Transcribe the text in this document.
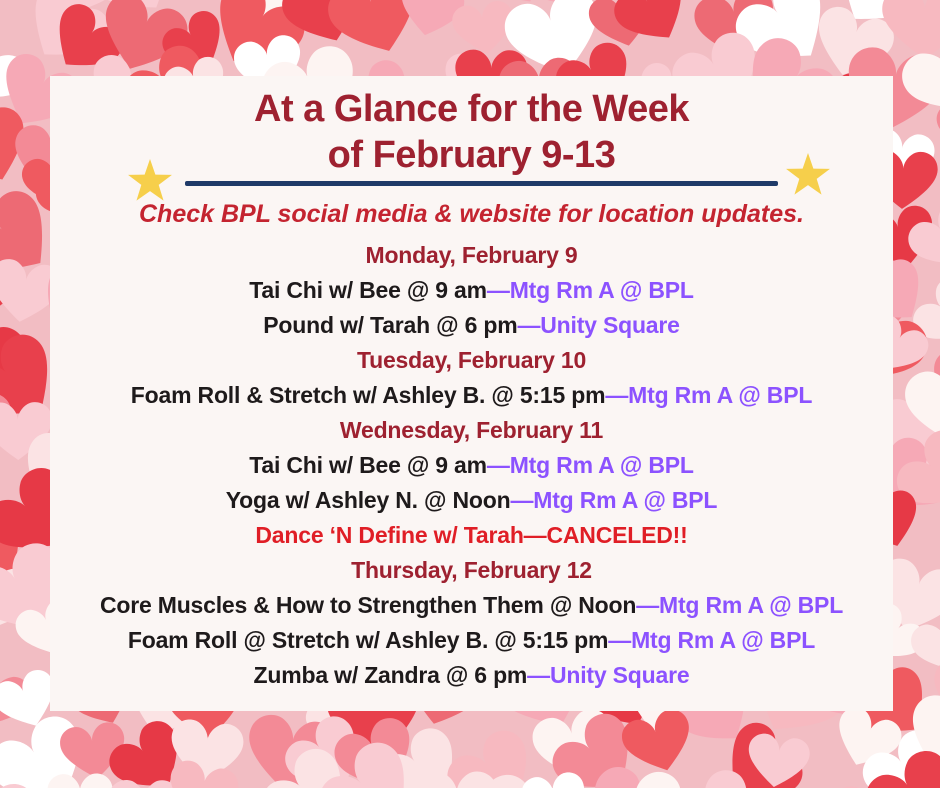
At a Glance for the Week
of February 9-13

Check BPL social media & website for location updates.

Monday, February 9
Tai Chi w/ Bee @ 9 am—Mtg Rm A @ BPL
Pound w/ Tarah @ 6 pm—Unity Square
Tuesday, February 10
Foam Roll & Stretch w/ Ashley B. @ 5:15 pm—Mtg Rm A @ BPL
Wednesday, February 11
Tai Chi w/ Bee @ 9 am—Mtg Rm A @ BPL
Yoga w/ Ashley N. @ Noon—Mtg Rm A @ BPL
Dance ‘N Define w/ Tarah—CANCELED!!
Thursday, February 12
Core Muscles & How to Strengthen Them @ Noon—Mtg Rm A @ BPL
Foam Roll @ Stretch w/ Ashley B. @ 5:15 pm—Mtg Rm A @ BPL
Zumba w/ Zandra @ 6 pm—Unity Square
